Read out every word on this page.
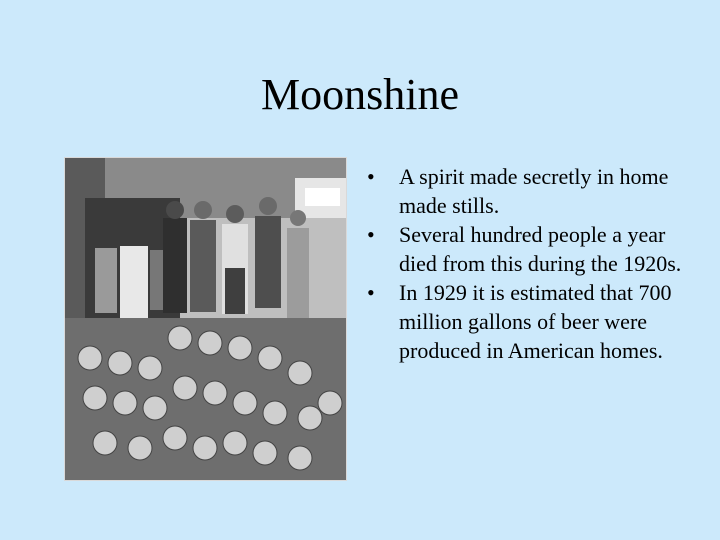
Moonshine
•	A spirit made secretly in home made stills.
•	Several hundred people a year died from this during the 1920s.
•	In 1929 it is estimated that 700 million gallons of beer were produced in American homes.
